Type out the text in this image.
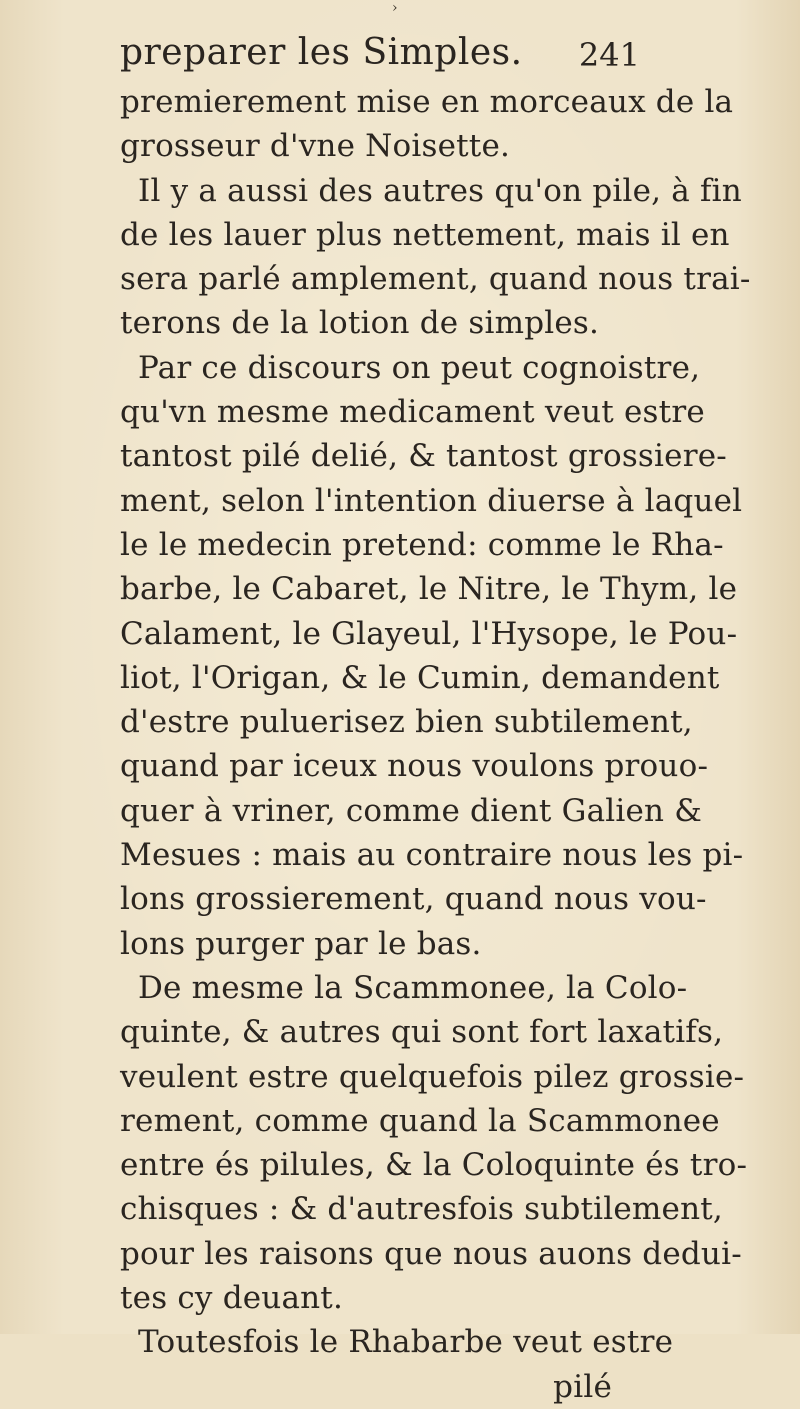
›
preparer les Simples. 241
premierement mise en morceaux de la
grosseur d'vne Noisette.
Il y a aussi des autres qu'on pile, à fin
de les lauer plus nettement, mais il en
sera parlé amplement, quand nous trai-
terons de la lotion de simples.
Par ce discours on peut cognoistre,
qu'vn mesme medicament veut estre
tantost pilé delié, & tantost grossiere-
ment, selon l'intention diuerse à laquel
le le medecin pretend: comme le Rha-
barbe, le Cabaret, le Nitre, le Thym, le
Calament, le Glayeul, l'Hysope, le Pou-
liot, l'Origan, & le Cumin, demandent
d'estre puluerisez bien subtilement,
quand par iceux nous voulons prouo-
quer à vriner, comme dient Galien &
Mesues : mais au contraire nous les pi-
lons grossierement, quand nous vou-
lons purger par le bas.
De mesme la Scammonee, la Colo-
quinte, & autres qui sont fort laxatifs,
veulent estre quelquefois pilez grossie-
rement, comme quand la Scammonee
entre és pilules, & la Coloquinte és tro-
chisques : & d'autresfois subtilement,
pour les raisons que nous auons dedui-
tes cy deuant.
Toutesfois le Rhabarbe veut estre
pilé
